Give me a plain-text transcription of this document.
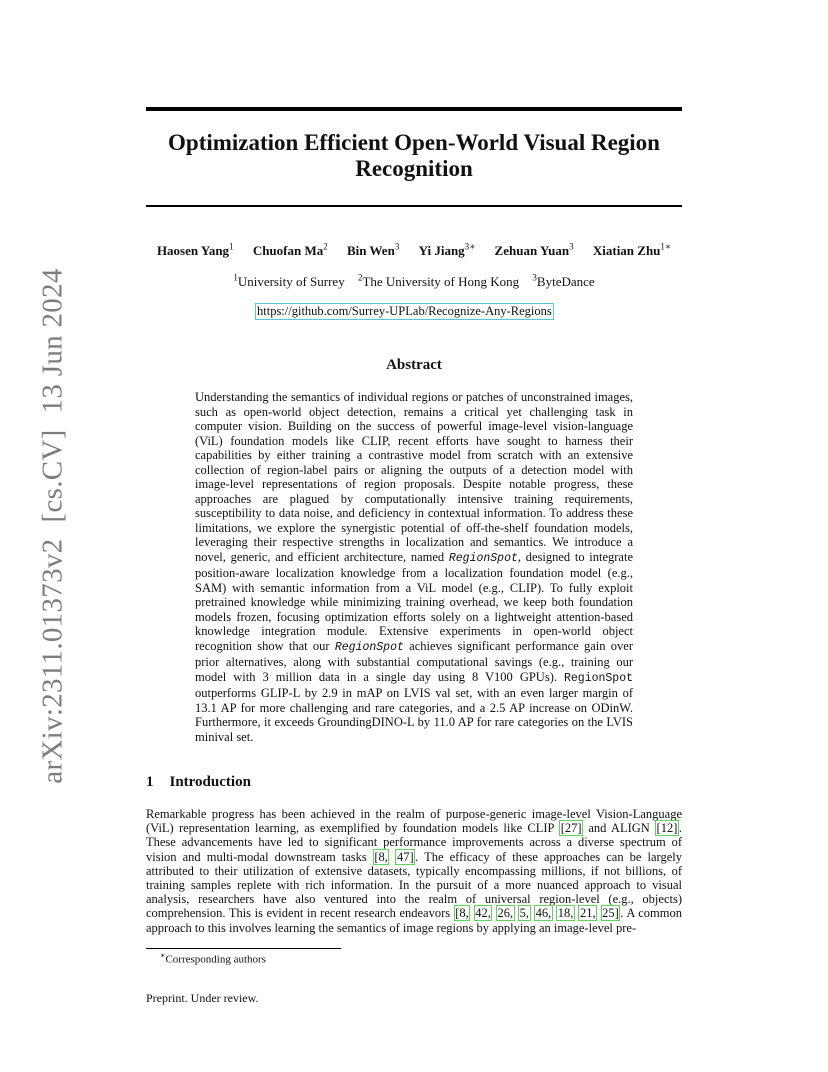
arXiv:2311.01373v2[cs.CV]13 Jun 2024
Optimization Efficient Open-World Visual Region
Recognition
Haosen Yang$^1$ Chuofan Ma$^2$ Bin Wen$^3$ Yi Jiang$^{3∗}$ Zehuan Yuan$^3$ Xiatian Zhu$^{1∗}$
$^1$University of Surrey $^2$The University of Hong Kong $^3$ByteDance
https://github.com/Surrey-UPLab/Recognize-Any-Regions
Abstract
Understanding the semantics of individual regions or patches of unconstrained images, such as open-world object detection, remains a critical yet challenging task in computer vision. Building on the success of powerful image-level vision-language (ViL) foundation models like CLIP, recent efforts have sought to harness their capabilities by either training a contrastive model from scratch with an extensive collection of region-label pairs or aligning the outputs of a detection model with image-level representations of region proposals. Despite notable progress, these approaches are plagued by computationally intensive training requirements, susceptibility to data noise, and deficiency in contextual information. To address these limitations, we explore the synergistic potential of off-the-shelf foundation models, leveraging their respective strengths in localization and semantics. We introduce a novel, generic, and efficient architecture, named RegionSpot, designed to integrate position-aware localization knowledge from a localization foundation model (e.g., SAM) with semantic information from a ViL model (e.g., CLIP). To fully exploit pretrained knowledge while minimizing training overhead, we keep both foundation models frozen, focusing optimization efforts solely on a lightweight attention-based knowledge integration module. Extensive experiments in open-world object recognition show that our RegionSpot achieves significant performance gain over prior alternatives, along with substantial computational savings (e.g., training our model with 3 million data in a single day using 8 V100 GPUs). RegionSpot outperforms GLIP-L by 2.9 in mAP on LVIS val set, with an even larger margin of 13.1 AP for more challenging and rare categories, and a 2.5 AP increase on ODinW. Furthermore, it exceeds GroundingDINO-L by 11.0 AP for rare categories on the LVIS minival set.
1 Introduction
Remarkable progress has been achieved in the realm of purpose-generic image-level Vision-Language (ViL) representation learning, as exemplified by foundation models like CLIP [27] and ALIGN [12] . These advancements have led to significant performance improvements across a diverse spectrum of vision and multi-modal downstream tasks [8, 47] . The efficacy of these approaches can be largely attributed to their utilization of extensive datasets, typically encompassing millions, if not billions, of training samples replete with rich information. In the pursuit of a more nuanced approach to visual analysis, researchers have also ventured into the realm of universal region-level (e.g., objects) comprehension. This is evident in recent research endeavors [8, 42, 26, 5, 46, 18, 21, 25] . A common approach to this involves learning the semantics of image regions by applying an image-level pre-
∗Corresponding authors
Preprint. Under review.
